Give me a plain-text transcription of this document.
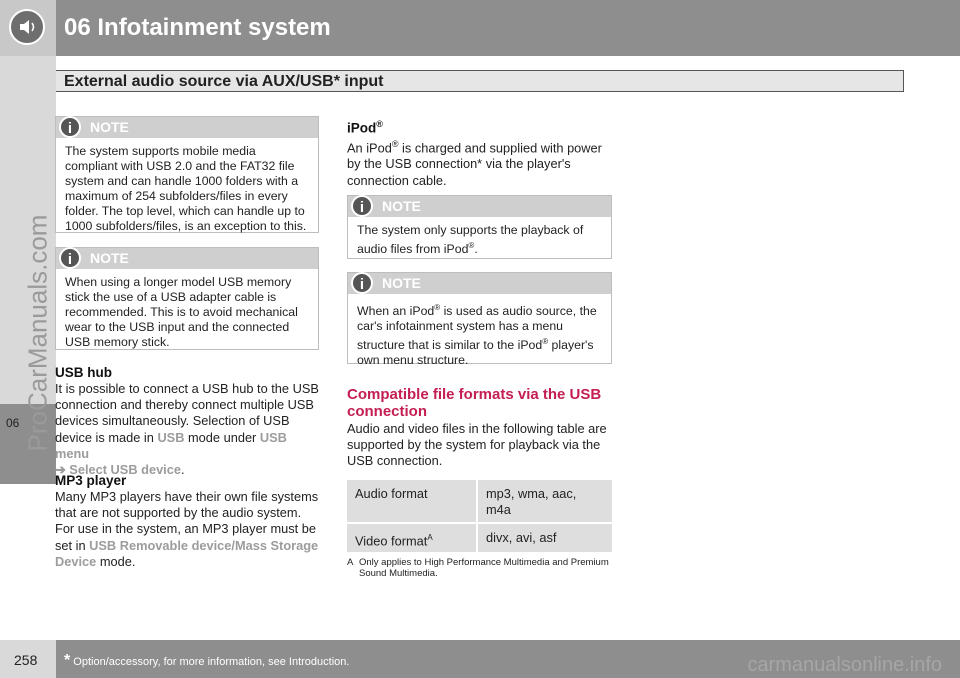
06 Infotainment system
External audio source via AUX/USB* input
06 ProCarManuals.com
i	NOTE
The system supports mobile media compliant with USB 2.0 and the FAT32 file system and can handle 1000 folders with a maximum of 254 subfolders/files in every folder. The top level, which can handle up to 1000 subfolders/files, is an exception to this.
i	NOTE
When using a longer model USB memory stick the use of a USB adapter cable is recommended. This is to avoid mechanical wear to the USB input and the connected USB memory stick.
USB hub
It is possible to connect a USB hub to the USB connection and thereby connect multiple USB devices simultaneously. Selection of USB device is made in USB mode under USB menu
➔ Select USB device.
MP3 player
Many MP3 players have their own file systems that are not supported by the audio system. For use in the system, an MP3 player must be set in USB Removable device/Mass Storage Device mode.
iPod®
An iPod® is charged and supplied with power by the USB connection* via the player's connection cable.
i	NOTE
The system only supports the playback of audio files from iPod®.
i	NOTE
When an iPod® is used as audio source, the car's infotainment system has a menu structure that is similar to the iPod® player's own menu structure.
Compatible file formats via the USB connection
Audio and video files in the following table are supported by the system for playback via the USB connection.
Audio format	mp3, wma, aac, m4a
Video format$^A$	divx, avi, asf
A Only applies to High Performance Multimedia and Premium Sound Multimedia.
258 * Option/accessory, for more information, see Introduction.	carmanualsonline.info
